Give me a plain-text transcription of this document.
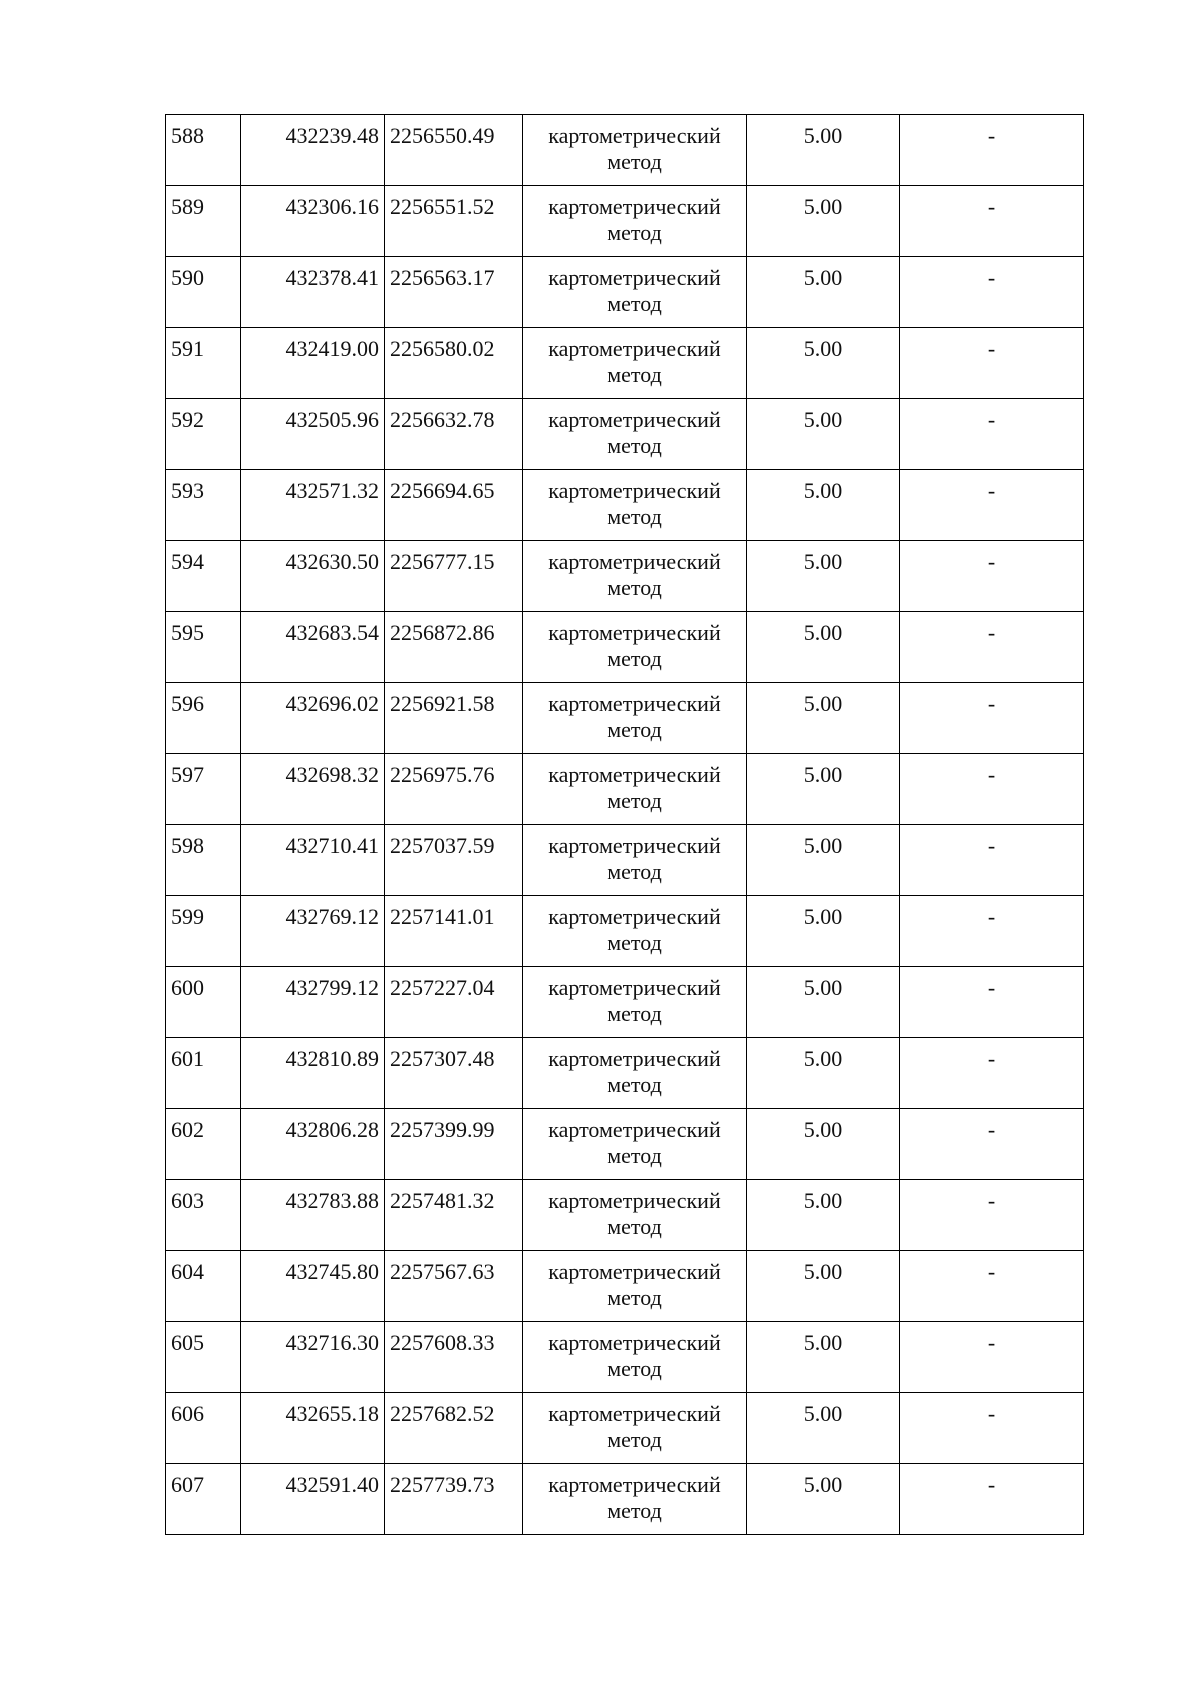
588	432239.48	2256550.49	картометрический метод	5.00	-
589	432306.16	2256551.52	картометрический метод	5.00	-
590	432378.41	2256563.17	картометрический метод	5.00	-
591	432419.00	2256580.02	картометрический метод	5.00	-
592	432505.96	2256632.78	картометрический метод	5.00	-
593	432571.32	2256694.65	картометрический метод	5.00	-
594	432630.50	2256777.15	картометрический метод	5.00	-
595	432683.54	2256872.86	картометрический метод	5.00	-
596	432696.02	2256921.58	картометрический метод	5.00	-
597	432698.32	2256975.76	картометрический метод	5.00	-
598	432710.41	2257037.59	картометрический метод	5.00	-
599	432769.12	2257141.01	картометрический метод	5.00	-
600	432799.12	2257227.04	картометрический метод	5.00	-
601	432810.89	2257307.48	картометрический метод	5.00	-
602	432806.28	2257399.99	картометрический метод	5.00	-
603	432783.88	2257481.32	картометрический метод	5.00	-
604	432745.80	2257567.63	картометрический метод	5.00	-
605	432716.30	2257608.33	картометрический метод	5.00	-
606	432655.18	2257682.52	картометрический метод	5.00	-
607	432591.40	2257739.73	картометрический метод	5.00	-
